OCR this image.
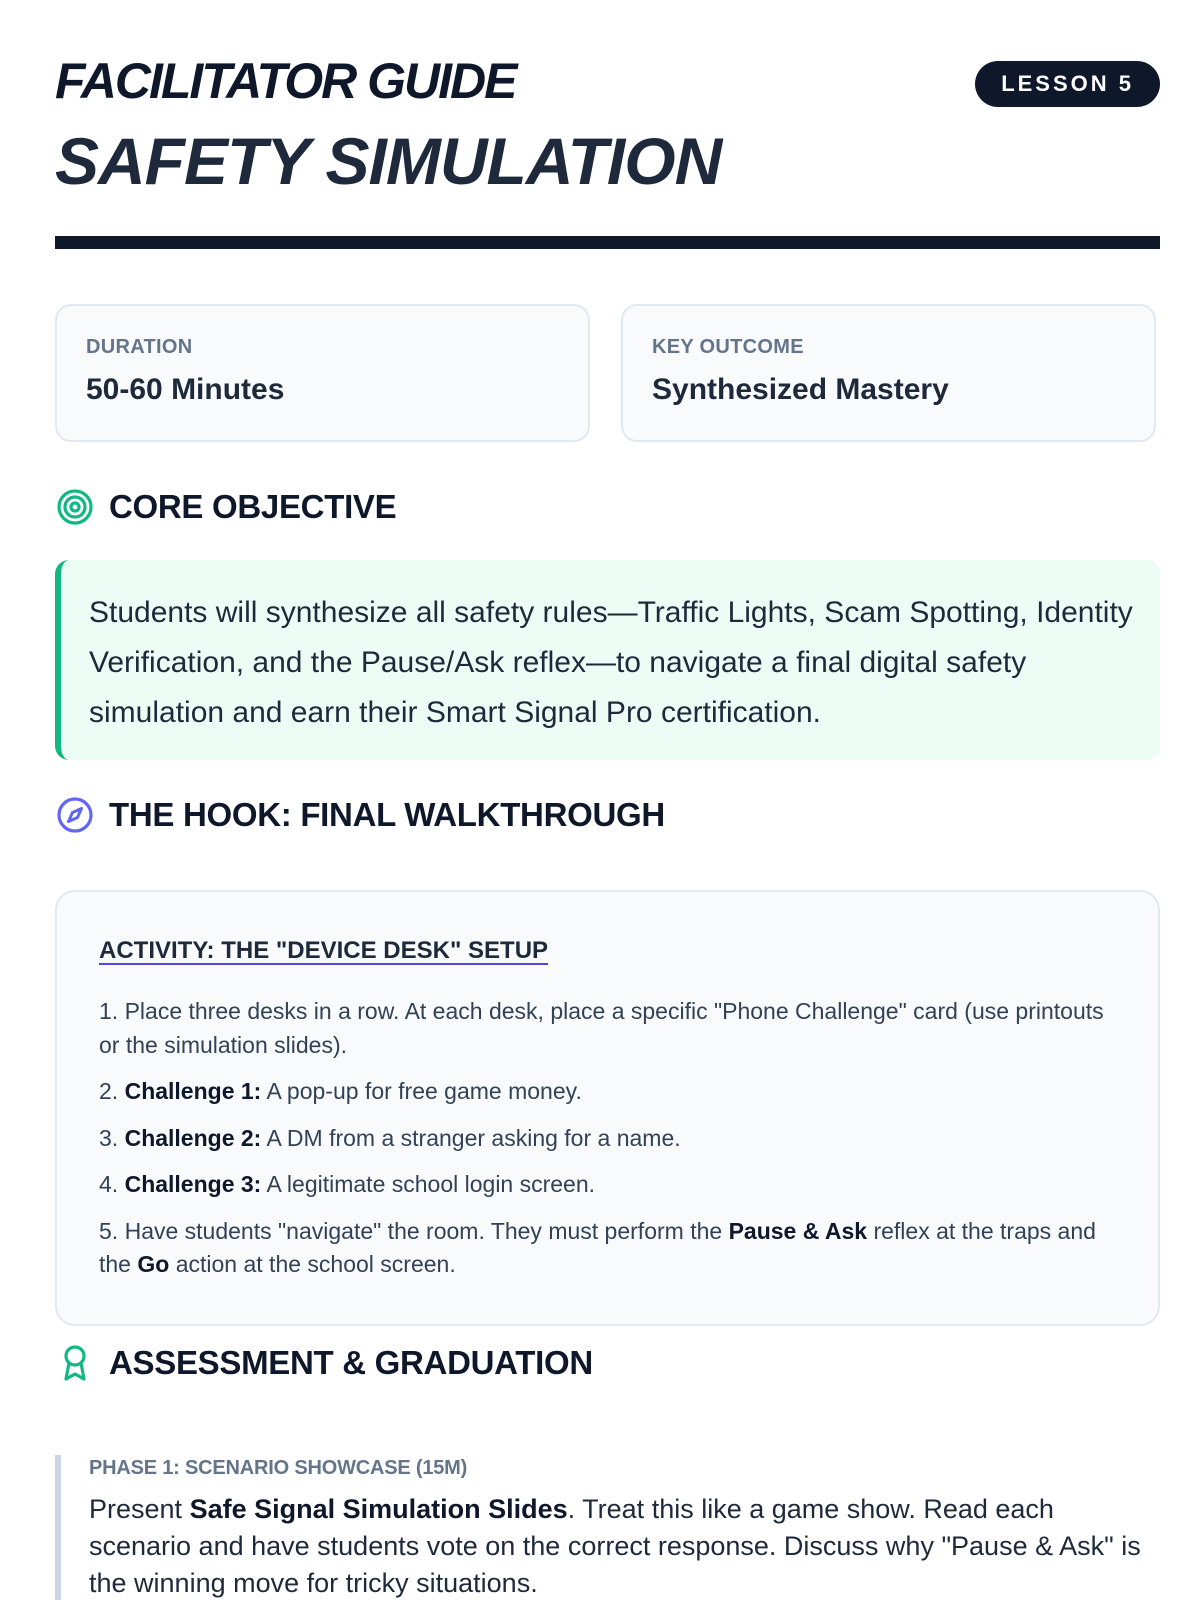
FACILITATOR GUIDE
SAFETY SIMULATION
LESSON 5
DURATION
50-60 Minutes
KEY OUTCOME
Synthesized Mastery
CORE OBJECTIVE
Students will synthesize all safety rules—Traffic Lights, Scam Spotting, Identity Verification, and the Pause/Ask reflex—to navigate a final digital safety simulation and earn their Smart Signal Pro certification.
THE HOOK: FINAL WALKTHROUGH
ACTIVITY: THE "DEVICE DESK" SETUP
1. Place three desks in a row. At each desk, place a specific "Phone Challenge" card (use printouts or the simulation slides).
2. Challenge 1: A pop-up for free game money.
3. Challenge 2: A DM from a stranger asking for a name.
4. Challenge 3: A legitimate school login screen.
5. Have students "navigate" the room. They must perform the Pause & Ask reflex at the traps and the Go action at the school screen.
ASSESSMENT & GRADUATION
PHASE 1: SCENARIO SHOWCASE (15M)
Present Safe Signal Simulation Slides. Treat this like a game show. Read each scenario and have students vote on the correct response. Discuss why "Pause & Ask" is the winning move for tricky situations.
